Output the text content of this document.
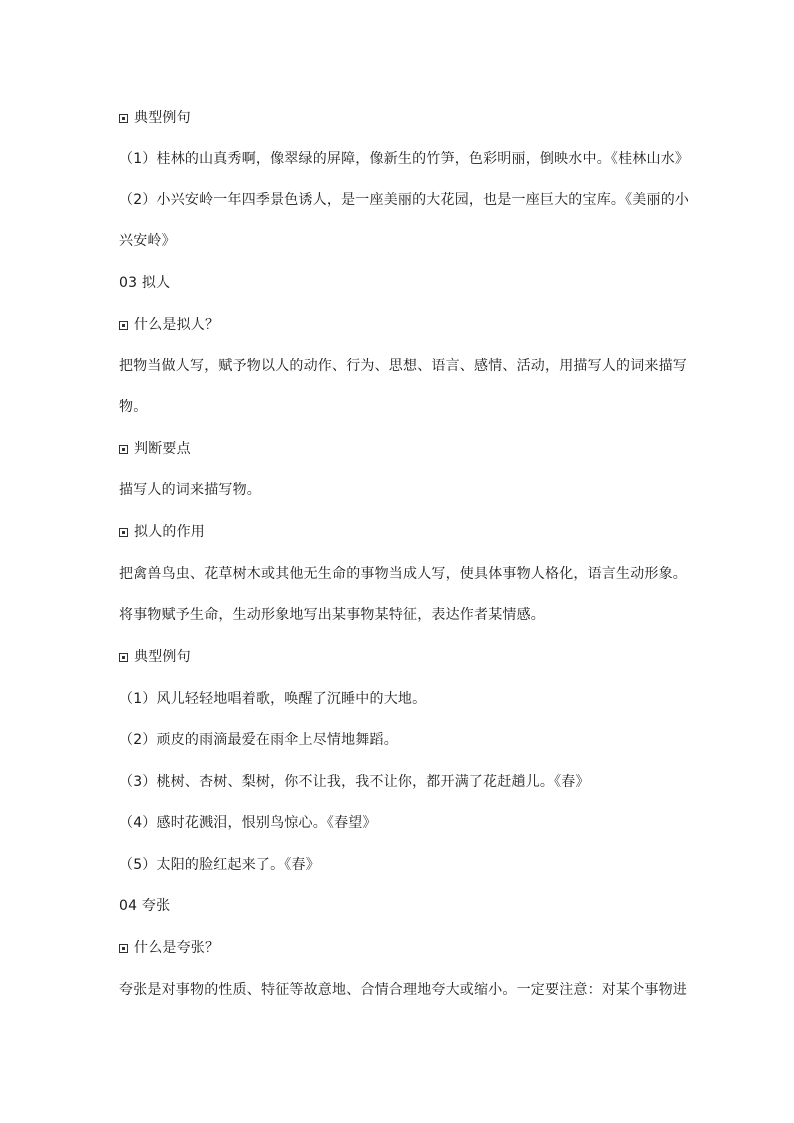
典型例句
（1）桂林的山真秀啊，像翠绿的屏障，像新生的竹笋，色彩明丽，倒映水中。《桂林山水》
（2）小兴安岭一年四季景色诱人，是一座美丽的大花园，也是一座巨大的宝库。《美丽的小
兴安岭》
03 拟人
什么是拟人？
把物当做人写，赋予物以人的动作、行为、思想、语言、感情、活动，用描写人的词来描写
物。
判断要点
描写人的词来描写物。
拟人的作用
把禽兽鸟虫、花草树木或其他无生命的事物当成人写，使具体事物人格化，语言生动形象。
将事物赋予生命，生动形象地写出某事物某特征，表达作者某情感。
典型例句
（1）风儿轻轻地唱着歌，唤醒了沉睡中的大地。
（2）顽皮的雨滴最爱在雨伞上尽情地舞蹈。
（3）桃树、杏树、梨树，你不让我，我不让你，都开满了花赶趟儿。《春》
（4）感时花溅泪，恨别鸟惊心。《春望》
（5）太阳的脸红起来了。《春》
04 夸张
什么是夸张？
夸张是对事物的性质、特征等故意地、合情合理地夸大或缩小。一定要注意：对某个事物进
